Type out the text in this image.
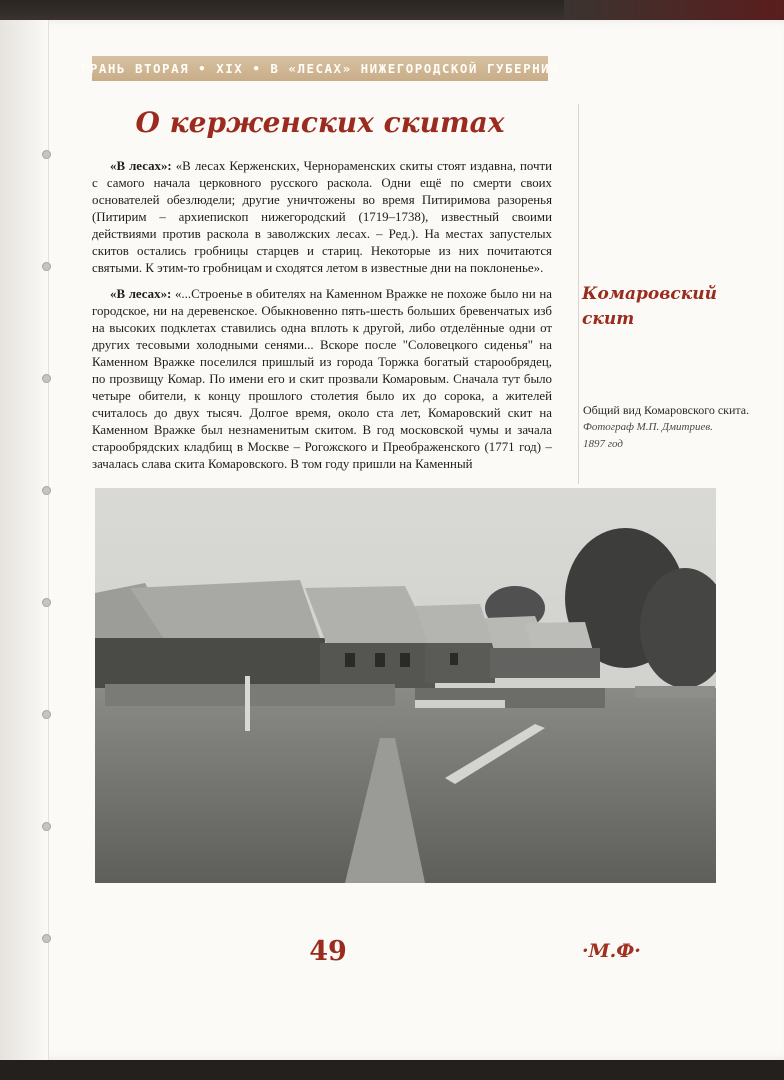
ГРАНЬ ВТОРАЯ • XIX • В «ЛЕСАХ» НИЖЕГОРОДСКОЙ ГУБЕРНИИ
О керженских скитах
«В лесах»: «В лесах Керженских, Чернораменских скиты стоят издавна, почти с самого начала церковного русского раскола. Одни ещё по смерти своих основателей обезлюдели; другие уничтожены во время Питиримова разоренья (Питирим – архиепископ нижегородский (1719–1738), известный своими действиями против раскола в заволжских лесах. – Ред.). На местах запустелых скитов остались гробницы старцев и стариц. Некоторые из них почитаются святыми. К этим-то гробницам и сходятся летом в известные дни на поклоненье».
«В лесах»: «...Строенье в обителях на Каменном Вражке не похоже было ни на городское, ни на деревенское. Обыкновенно пять-шесть больших бревенчатых изб на высоких подклетах ставились одна вплоть к другой, либо отделённые одни от других тесовыми холодными сенями... Вскоре после "Соловецкого сиденья" на Каменном Вражке поселился пришлый из города Торжка богатый старообрядец, по прозвищу Комар. По имени его и скит прозвали Комаровым. Сначала тут было четыре обители, к концу прошлого столетия было их до сорока, а жителей считалось до двух тысяч. Долгое время, около ста лет, Комаровский скит на Каменном Вражке был незнаменитым скитом. В год московской чумы и зачала старообрядских кладбищ в Москве – Рогожского и Преображенского (1771 год) – зачалась слава скита Комаровского. В том году пришли на Каменный
Комаровский
скит
Общий вид Комаровского скита.
Фотограф М.П. Дмитриев.
1897 год
49	·М.Ф·
